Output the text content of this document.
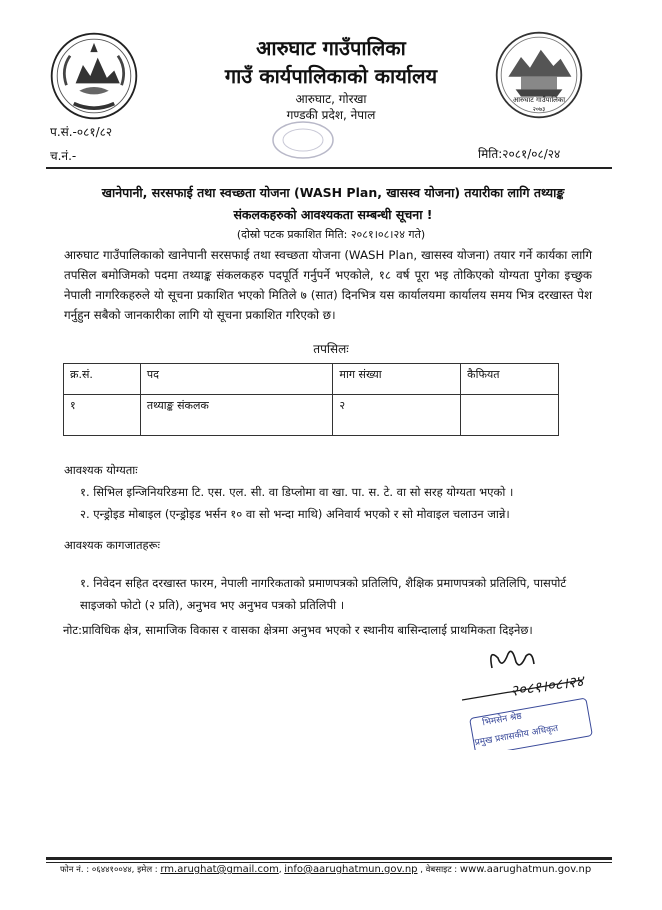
आरुघाट गाउँपालिका
गाउँ कार्यपालिकाको कार्यालय
आरुघाट, गोरखा
गण्डकी प्रदेश, नेपाल
आरुघाट गाउँपालिका
२०७३
प.सं.-०८१/८२
च.नं.-	मिति:२०८१/०८/२४
खानेपानी, सरसफाई तथा स्वच्छता योजना (WASH Plan, खासस्व योजना) तयारीका लागि तथ्याङ्क
संकलकहरुको आवश्यकता सम्बन्धी सूचना !
(दोस्रो पटक प्रकाशित मिति: २०८१।०८।२४ गते)
आरुघाट गाउँपालिकाको खानेपानी सरसफाई तथा स्वच्छता योजना (WASH Plan, खासस्व योजना) तयार गर्ने कार्यका लागि तपसिल बमोजिमको पदमा तथ्याङ्क संकलकहरु पदपूर्ति गर्नुपर्ने भएकोले, १८ वर्ष पूरा भइ तोकिएको योग्यता पुगेका इच्छुक नेपाली नागरिकहरुले यो सूचना प्रकाशित भएको मितिले ७ (सात) दिनभित्र यस कार्यालयमा कार्यालय समय भित्र दरखास्त पेश गर्नुहुन सबैको जानकारीका लागि यो सूचना प्रकाशित गरिएको छ।
तपसिलः
क्र.सं.	पद	माग संख्या	कैफियत
१	तथ्याङ्क संकलक	२	
आवश्यक योग्यताः
१. सिभिल इन्जिनियरिङमा टि. एस. एल. सी. वा डिप्लोमा वा खा. पा. स. टे. वा सो सरह योग्यता भएको ।
२. एन्ड्रोइड मोबाइल (एन्ड्रोइड भर्सन १० वा सो भन्दा माथि) अनिवार्य भएको र सो मोवाइल चलाउन जान्ने।
आवश्यक कागजातहरूः
१. निवेदन सहित दरखास्त फारम, नेपाली नागरिकताको प्रमाणपत्रको प्रतिलिपि, शैक्षिक प्रमाणपत्रको प्रतिलिपि, पासपोर्ट साइजको फोटो (२ प्रति), अनुभव भए अनुभव पत्रको प्रतिलिपी ।
नोट:प्राविधिक क्षेत्र, सामाजिक विकास र वासका क्षेत्रमा अनुभव भएको र स्थानीय बासिन्दालाई प्राथमिकता दिइनेछ।
२०८१।०८।२४
भिमसेन श्रेष्ठ
प्रमुख प्रशासकीय अधिकृत
फोन नं. : ०६४४१००४४, इमेल : rm.arughat@gmail.com, info@aarughatmun.gov.np , वेबसाइट : www.aarughatmun.gov.np
